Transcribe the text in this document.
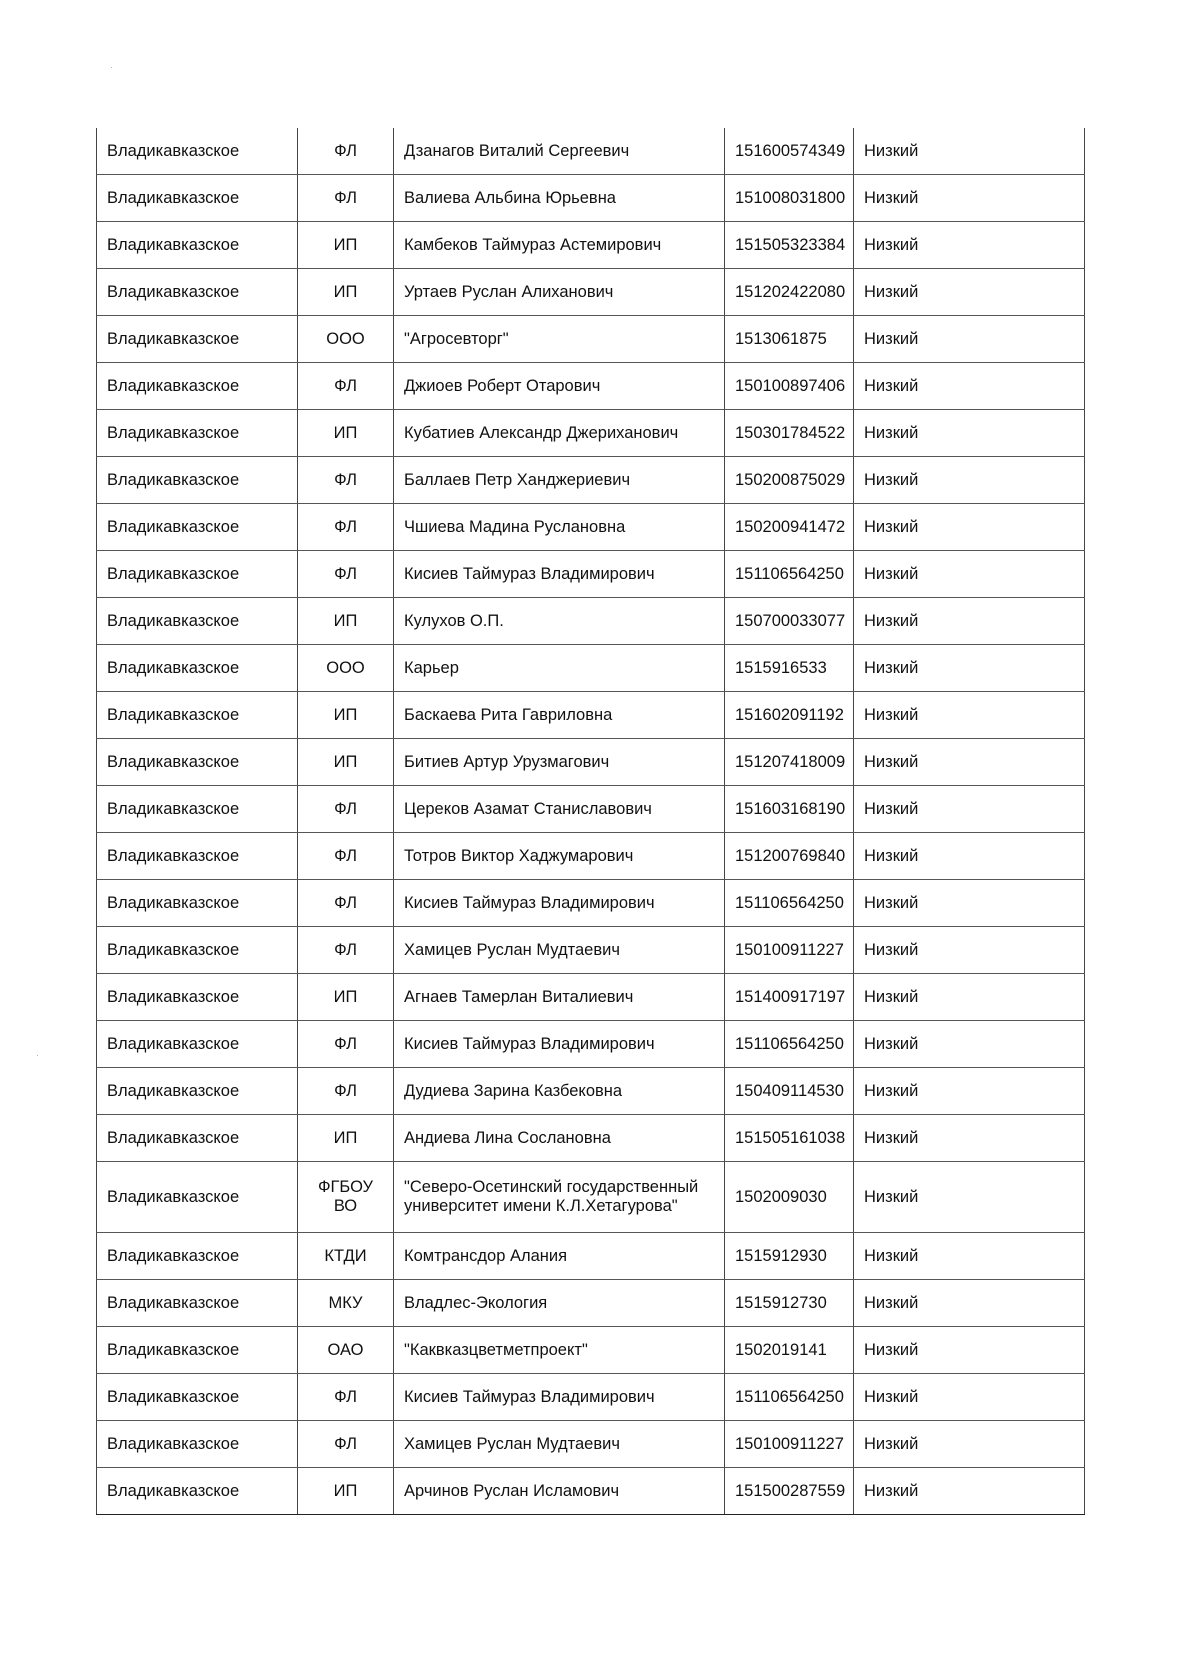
·
·
Владикавказское	ФЛ	Дзанагов Виталий Сергеевич	151600574349	Низкий
Владикавказское	ФЛ	Валиева Альбина Юрьевна	151008031800	Низкий
Владикавказское	ИП	Камбеков Таймураз Астемирович	151505323384	Низкий
Владикавказское	ИП	Уртаев Руслан Алиханович	151202422080	Низкий
Владикавказское	ООО	"Агросевторг"	1513061875	Низкий
Владикавказское	ФЛ	Джиоев Роберт Отарович	150100897406	Низкий
Владикавказское	ИП	Кубатиев Александр Джериханович	150301784522	Низкий
Владикавказское	ФЛ	Баллаев Петр Ханджериевич	150200875029	Низкий
Владикавказское	ФЛ	Чшиева Мадина Руслановна	150200941472	Низкий
Владикавказское	ФЛ	Кисиев Таймураз Владимирович	151106564250	Низкий
Владикавказское	ИП	Кулухов О.П.	150700033077	Низкий
Владикавказское	ООО	Карьер	1515916533	Низкий
Владикавказское	ИП	Баскаева Рита Гавриловна	151602091192	Низкий
Владикавказское	ИП	Битиев Артур Урузмагович	151207418009	Низкий
Владикавказское	ФЛ	Цереков Азамат Станиславович	151603168190	Низкий
Владикавказское	ФЛ	Тотров Виктор Хаджумарович	151200769840	Низкий
Владикавказское	ФЛ	Кисиев Таймураз Владимирович	151106564250	Низкий
Владикавказское	ФЛ	Хамицев Руслан Мудтаевич	150100911227	Низкий
Владикавказское	ИП	Агнаев Тамерлан Виталиевич	151400917197	Низкий
Владикавказское	ФЛ	Кисиев Таймураз Владимирович	151106564250	Низкий
Владикавказское	ФЛ	Дудиева Зарина Казбековна	150409114530	Низкий
Владикавказское	ИП	Андиева Лина Сослановна	151505161038	Низкий
Владикавказское	ФГБОУ ВО	"Северо-Осетинский государственный университет имени К.Л.Хетагурова"	1502009030	Низкий
Владикавказское	КТДИ	Комтрансдор Алания	1515912930	Низкий
Владикавказское	МКУ	Владлес-Экология	1515912730	Низкий
Владикавказское	ОАО	"Каквказцветметпроект"	1502019141	Низкий
Владикавказское	ФЛ	Кисиев Таймураз Владимирович	151106564250	Низкий
Владикавказское	ФЛ	Хамицев Руслан Мудтаевич	150100911227	Низкий
Владикавказское	ИП	Арчинов Руслан Исламович	151500287559	Низкий
